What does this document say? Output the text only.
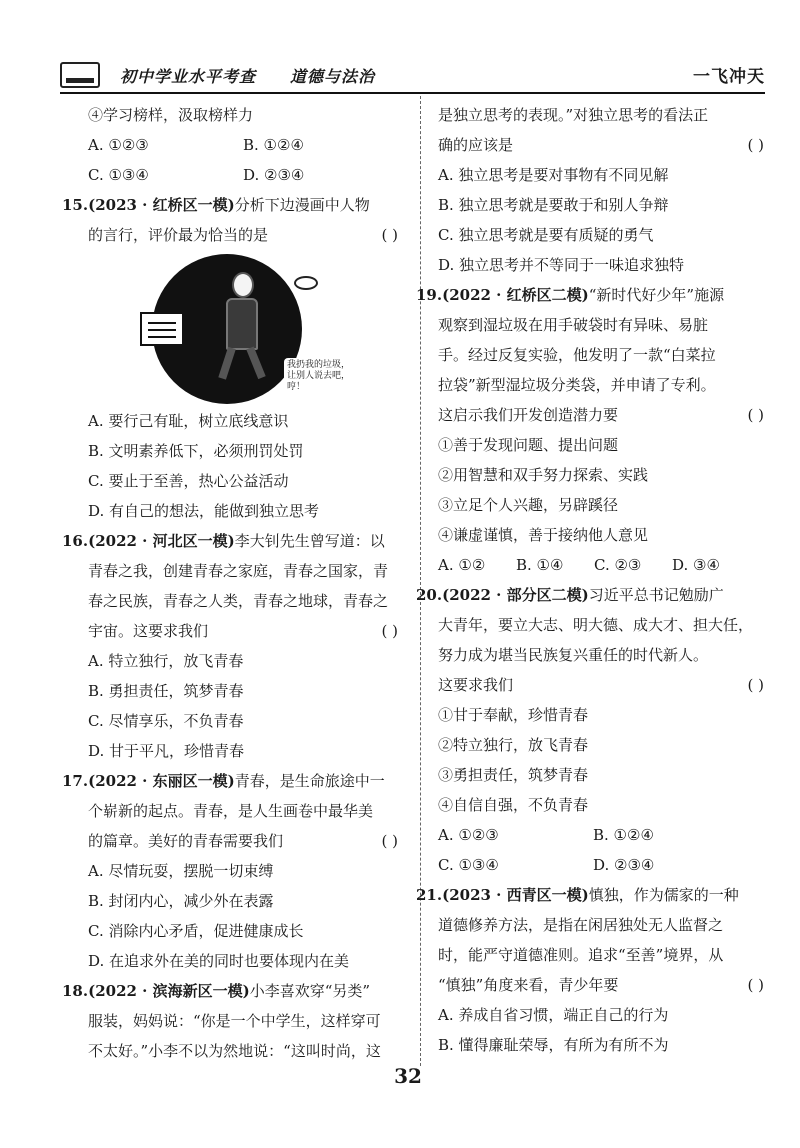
初中学业水平考查 道德与法治	一飞冲天
④学习榜样，汲取榜样力
A. ①②③	B. ①②④
C. ①③④	D. ②③④
15.(2023 · 红桥区一模)分析下边漫画中人物
的言行，评价最为恰当的是	( )
我扔我的垃圾，让别人说去吧，哼！
A. 要行己有耻，树立底线意识
B. 文明素养低下，必须刑罚处罚
C. 要止于至善，热心公益活动
D. 有自己的想法，能做到独立思考
16.(2022 · 河北区一模)李大钊先生曾写道：以
青春之我，创建青春之家庭，青春之国家，青
春之民族，青春之人类，青春之地球，青春之
宇宙。这要求我们	( )
A. 特立独行，放飞青春
B. 勇担责任，筑梦青春
C. 尽情享乐，不负青春
D. 甘于平凡，珍惜青春
17.(2022 · 东丽区一模)青春，是生命旅途中一
个崭新的起点。青春，是人生画卷中最华美
的篇章。美好的青春需要我们	( )
A. 尽情玩耍，摆脱一切束缚
B. 封闭内心，减少外在表露
C. 消除内心矛盾，促进健康成长
D. 在追求外在美的同时也要体现内在美
18.(2022 · 滨海新区一模)小李喜欢穿“另类”
服装，妈妈说：“你是一个中学生，这样穿可
不太好。”小李不以为然地说：“这叫时尚，这
是独立思考的表现。”对独立思考的看法正
确的应该是	( )
A. 独立思考是要对事物有不同见解
B. 独立思考就是要敢于和别人争辩
C. 独立思考就是要有质疑的勇气
D. 独立思考并不等同于一味追求独特
19.(2022 · 红桥区二模)“新时代好少年”施源
观察到湿垃圾在用手破袋时有异味、易脏
手。经过反复实验，他发明了一款“白菜拉
拉袋”新型湿垃圾分类袋，并申请了专利。
这启示我们开发创造潜力要	( )
①善于发现问题、提出问题
②用智慧和双手努力探索、实践
③立足个人兴趣，另辟蹊径
④谦虚谨慎，善于接纳他人意见
A. ①② B. ①④ C. ②③ D. ③④
20.(2022 · 部分区二模)习近平总书记勉励广
大青年，要立大志、明大德、成大才、担大任，
努力成为堪当民族复兴重任的时代新人。
这要求我们	( )
①甘于奉献，珍惜青春
②特立独行，放飞青春
③勇担责任，筑梦青春
④自信自强，不负青春
A. ①②③	B. ①②④
C. ①③④	D. ②③④
21.(2023 · 西青区一模)慎独，作为儒家的一种
道德修养方法，是指在闲居独处无人监督之
时，能严守道德准则。追求“至善”境界，从
“慎独”角度来看，青少年要	( )
A. 养成自省习惯，端正自己的行为
B. 懂得廉耻荣辱，有所为有所不为
32
